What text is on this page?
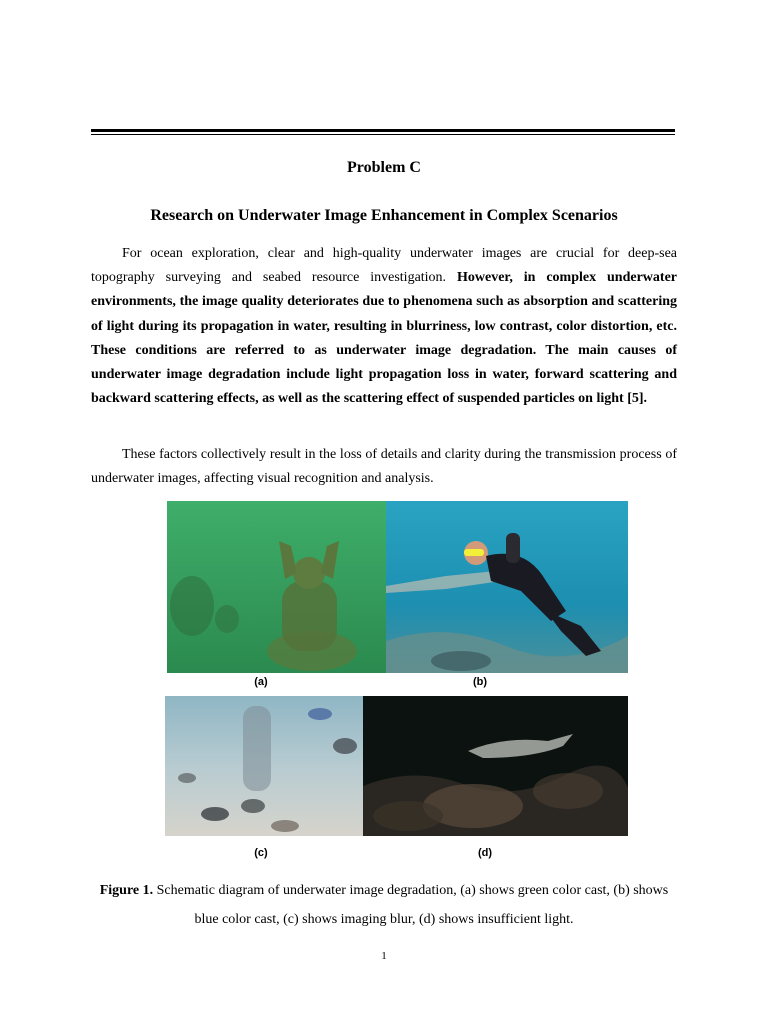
Problem C
Research on Underwater Image Enhancement in Complex Scenarios

For ocean exploration, clear and high-quality underwater images are crucial for deep-sea topography surveying and seabed resource investigation. However, in complex underwater environments, the image quality deteriorates due to phenomena such as absorption and scattering of light during its propagation in water, resulting in blurriness, low contrast, color distortion, etc. These conditions are referred to as underwater image degradation. The main causes of underwater image degradation include light propagation loss in water, forward scattering and backward scattering effects, as well as the scattering effect of suspended particles on light [5].

These factors collectively result in the loss of details and clarity during the transmission process of underwater images, affecting visual recognition and analysis.

(a)	(b)
(c)	(d)

Figure 1. Schematic diagram of underwater image degradation, (a) shows green color cast, (b) shows blue color cast, (c) shows imaging blur, (d) shows insufficient light.

1
